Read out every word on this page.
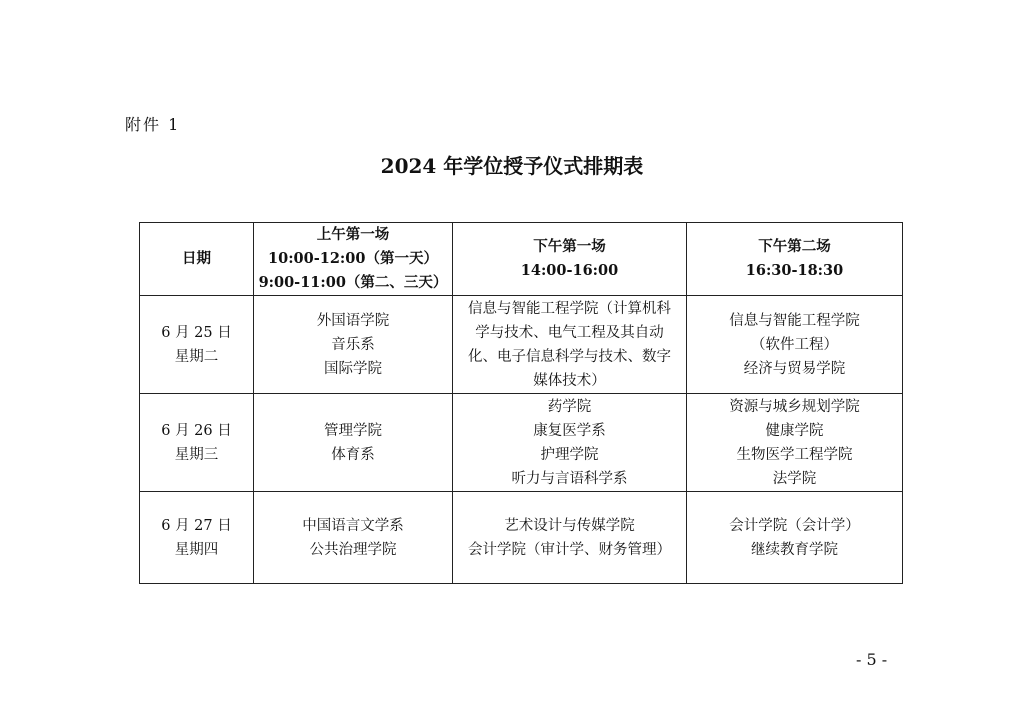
附件 1
2024 年学位授予仪式排期表
日期	上午第一场
10:00-12:00（第一天）
9:00-11:00（第二、三天）	下午第一场
14:00-16:00	下午第二场
16:30-18:30

6 月 25 日
星期二	外国语学院
音乐系
国际学院	信息与智能工程学院（计算机科
学与技术、电气工程及其自动
化、电子信息科学与技术、数字
媒体技术）	信息与智能工程学院
（软件工程）
经济与贸易学院

6 月 26 日
星期三	管理学院
体育系	药学院
康复医学系
护理学院
听力与言语科学系	资源与城乡规划学院
健康学院
生物医学工程学院
法学院

6 月 27 日
星期四	中国语言文学系
公共治理学院	艺术设计与传媒学院
会计学院（审计学、财务管理）	会计学院（会计学）
继续教育学院
- 5 -
